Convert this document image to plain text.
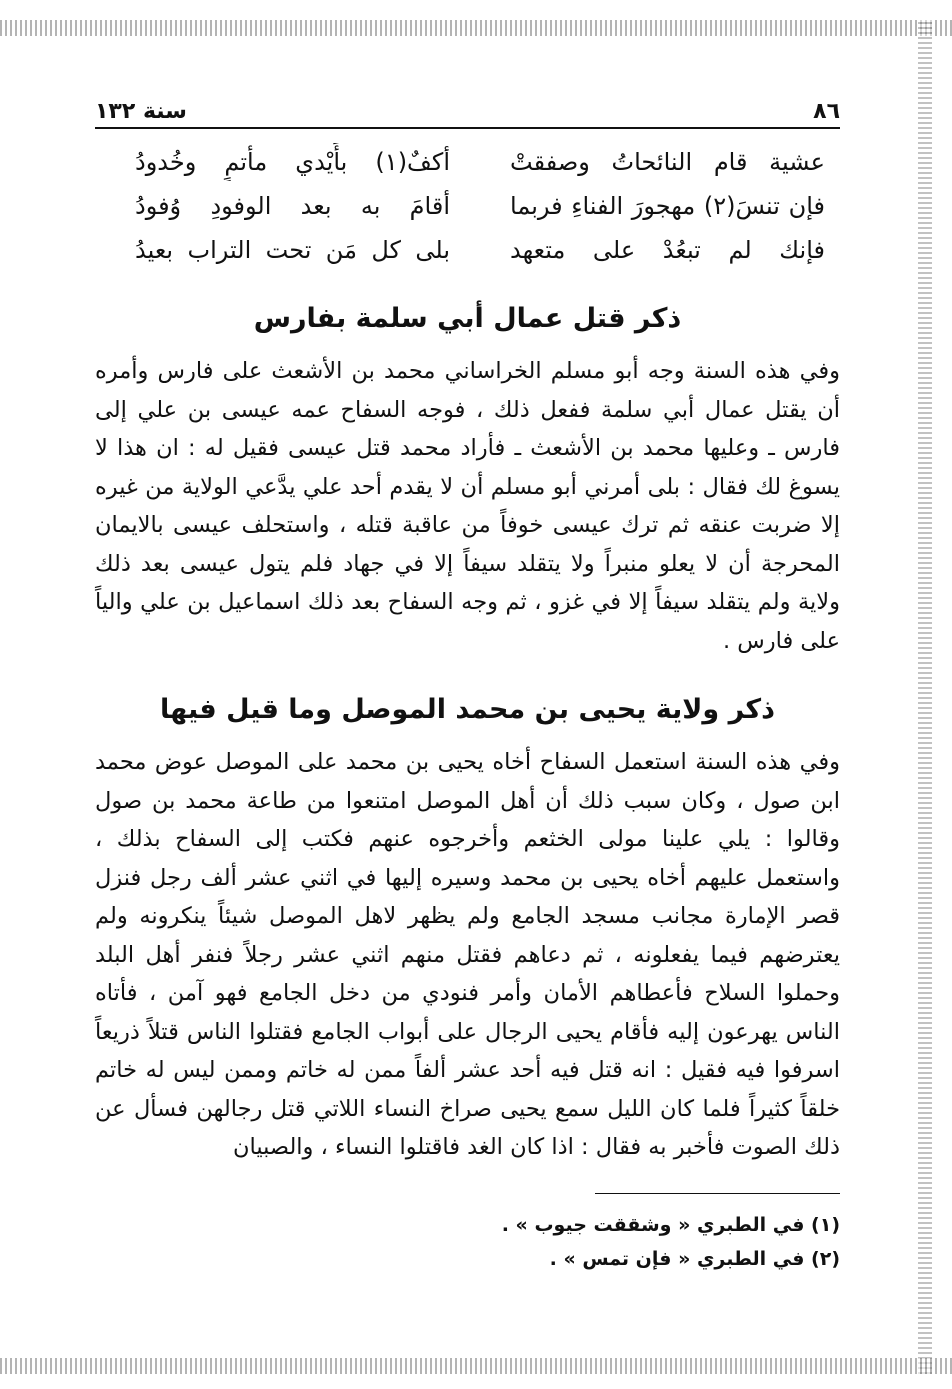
٨٦
سنة ١٣٢
عشية قام النائحاتُ وصفقتْ
أكفٌ(١) بأَيْدي مأتمٍ وخُدودُ
فإن تنسَ(٢) مهجورَ الفناءِ فربما
أقامَ به بعد الوفودِ وُفودُ
فإنك لم تبعُدْ على متعهد
بلى كل مَن تحت التراب بعيدُ
ذكر قتل عمال أبي سلمة بفارس

وفي هذه السنة وجه أبو مسلم الخراساني محمد بن الأشعث على فارس وأمره أن يقتل عمال أبي سلمة ففعل ذلك ، فوجه السفاح عمه عيسى بن علي إلى فارس ـ وعليها محمد بن الأشعث ـ فأراد محمد قتل عيسى فقيل له : ان هذا لا يسوغ لك فقال : بلى أمرني أبو مسلم أن لا يقدم أحد علي يدَّعي الولاية من غيره إلا ضربت عنقه ثم ترك عيسى خوفاً من عاقبة قتله ، واستحلف عيسى بالايمان المحرجة أن لا يعلو منبراً ولا يتقلد سيفاً إلا في جهاد فلم يتول عيسى بعد ذلك ولاية ولم يتقلد سيفاً إلا في غزو ، ثم وجه السفاح بعد ذلك اسماعيل بن علي والياً على فارس .

ذكر ولاية يحيى بن محمد الموصل وما قيل فيها

وفي هذه السنة استعمل السفاح أخاه يحيى بن محمد على الموصل عوض محمد ابن صول ، وكان سبب ذلك أن أهل الموصل امتنعوا من طاعة محمد بن صول وقالوا : يلي علينا مولى الخثعم وأخرجوه عنهم فكتب إلى السفاح بذلك ، واستعمل عليهم أخاه يحيى بن محمد وسيره إليها في اثني عشر ألف رجل فنزل قصر الإمارة مجانب مسجد الجامع ولم يظهر لاهل الموصل شيئاً ينكرونه ولم يعترضهم فيما يفعلونه ، ثم دعاهم فقتل منهم اثني عشر رجلاً فنفر أهل البلد وحملوا السلاح فأعطاهم الأمان وأمر فنودي من دخل الجامع فهو آمن ، فأتاه الناس يهرعون إليه فأقام يحيى الرجال على أبواب الجامع فقتلوا الناس قتلاً ذريعاً اسرفوا فيه فقيل : انه قتل فيه أحد عشر ألفاً ممن له خاتم وممن ليس له خاتم خلقاً كثيراً فلما كان الليل سمع يحيى صراخ النساء اللاتي قتل رجالهن فسأل عن ذلك الصوت فأخبر به فقال : اذا كان الغد فاقتلوا النساء ، والصبيان

(١) في الطبري « وشققت جيوب » .
(٢) في الطبري « فإن تمس » .
